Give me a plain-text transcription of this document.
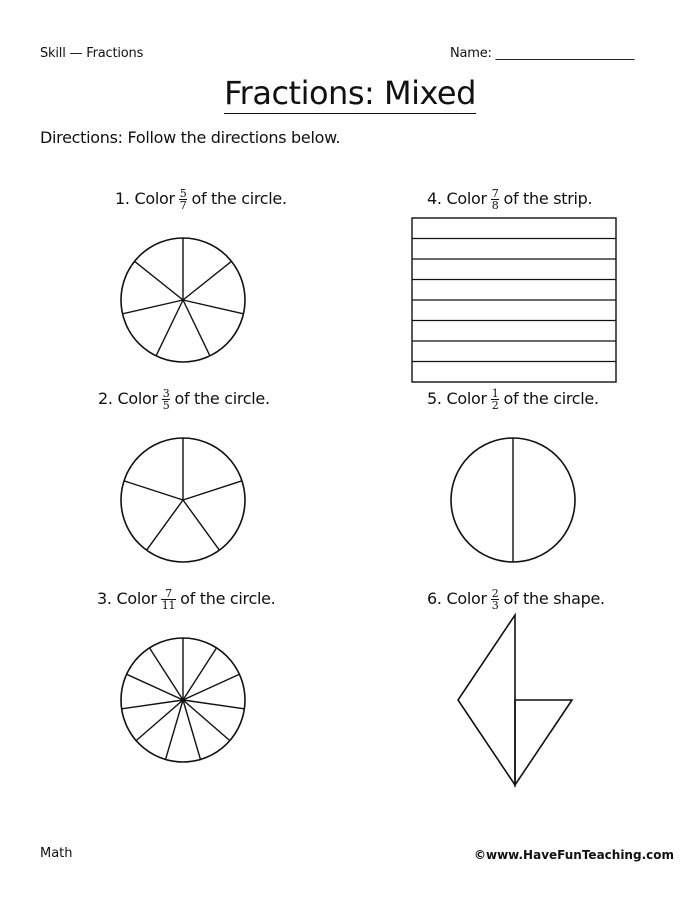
Skill — Fractions	Name: ______________________
Fractions: Mixed
Directions: Follow the directions below.
1. Color $\frac{5}{7}$ of the circle.	4. Color $\frac{7}{8}$ of the strip.
2. Color $\frac{3}{5}$ of the circle.	5. Color $\frac{1}{2}$ of the circle.
3. Color $\frac{7}{11}$ of the circle.	6. Color $\frac{2}{3}$ of the shape.
Math	©www.HaveFunTeaching.com
